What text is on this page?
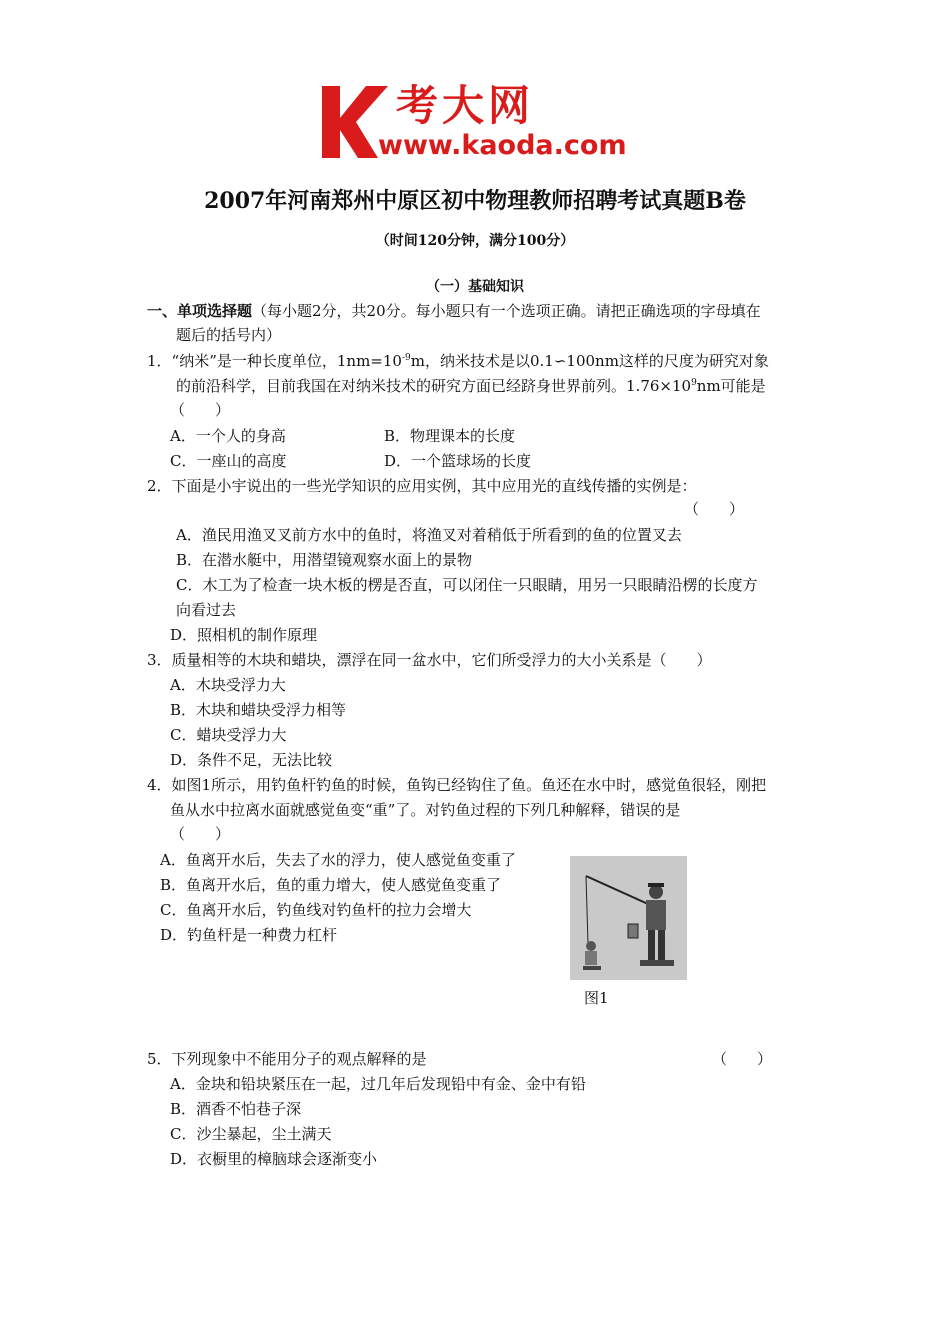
考大网
www.kaoda.com
2007年河南郑州中原区初中物理教师招聘考试真题B卷
（时间120分钟，满分100分）
（一）基础知识
一、单项选择题（每小题2分，共20分。每小题只有一个选项正确。请把正确选项的字母填在
题后的括号内）
1．“纳米”是一种长度单位，$1nm=10^{-9}m$，纳米技术是以0.1∽100nm这样的尺度为研究对象
的前沿科学，目前我国在对纳米技术的研究方面已经跻身世界前列。$1.76\times 10^9nm$可能是
（　　）
A．一个人的身高	B．物理课本的长度
C．一座山的高度	D．一个篮球场的长度
2．下面是小宇说出的一些光学知识的应用实例，其中应用光的直线传播的实例是：
（　　）
A．渔民用渔叉叉前方水中的鱼时，将渔叉对着稍低于所看到的鱼的位置叉去
B．在潜水艇中，用潜望镜观察水面上的景物
C．木工为了检查一块木板的楞是否直，可以闭住一只眼睛，用另一只眼睛沿楞的长度方
向看过去
D．照相机的制作原理
3．质量相等的木块和蜡块，漂浮在同一盆水中，它们所受浮力的大小关系是（　　）
A．木块受浮力大
B．木块和蜡块受浮力相等
C．蜡块受浮力大
D．条件不足，无法比较
4．如图1所示，用钓鱼杆钓鱼的时候，鱼钩已经钩住了鱼。鱼还在水中时，感觉鱼很轻，刚把
鱼从水中拉离水面就感觉鱼变“重”了。对钓鱼过程的下列几种解释，错误的是
（　　）
A．鱼离开水后，失去了水的浮力，使人感觉鱼变重了
B．鱼离开水后，鱼的重力增大，使人感觉鱼变重了
C．鱼离开水后，钓鱼线对钓鱼杆的拉力会增大
D．钓鱼杆是一种费力杠杆
图1
5．下列现象中不能用分子的观点解释的是	（　　）
A．金块和铅块紧压在一起，过几年后发现铅中有金、金中有铅
B．酒香不怕巷子深
C．沙尘暴起，尘土满天
D．衣橱里的樟脑球会逐渐变小
